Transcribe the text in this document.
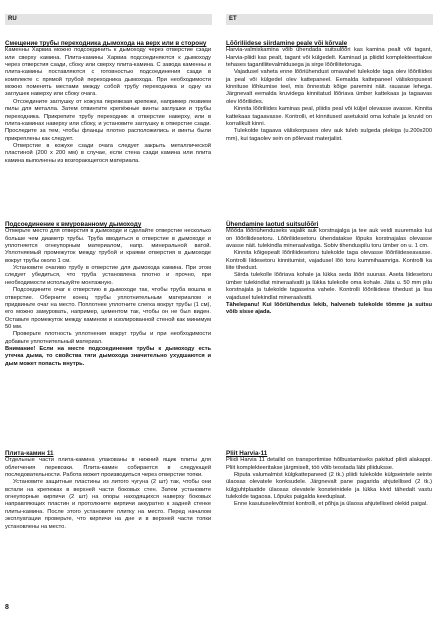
RU	ET

Смещение трубы переходника дымохода на верх или в сторону

Каменны Харвиа можно подсоединить к дымоходу через отверстие сзади или сверху камина. Плита-камины Харвиа подсоединяются к дымоходу через отверстия сзади, сбоку или сверху плита-камина. С завода каменны и плита-камины поставляются с готовностью подсоединения сзади в комплекте с прямой трубой переходника дымохода. При необходимости можно поменять местами между собой трубу переходника и одну из заглушек наверху или сбоку очага.

Отсоедините заглушку от кожуха перевезая крепежи, например лезвием пилы для металла. Затем отвинтите крепёжные винты заглушки и трубы переходника. Прикрепите трубу переходник в отверстие наверху, или в плита-каминах наверху или сбоку, и установите заглушку в отверстие сзади. Проследите за тем, чтобы фланцы плотно расположились и винты были прикреплены как следует.

Отверстие в кожухе сзади очага следует закрыть металлической пластиной (200 x 200 мм) в случае, если стена сзади камина или плита камина выполнены из возгорающегося материала.

Подсоединение к вмурованному дымоходу

Отмерьте место для отверстия в дымоходе и сделайте отверстие несколько больше чем диаметр трубы. Труба вводиться в отверстие в дымоходе и уплотняется огнеупорным материалом, напр. минеральной ватой. Уплотняемый промежуток между трубой и краями отверстия в дымоходе вокруг трубы около 1 см.

Установите очагиво трубу в отверстие для дымохода камина. При этом следует убедиться, что труба установлена плотно и прочно, при необходимости используйте монтажную.

Подсоедините очаг к отверстию в дымоходе так, чтобы труба вошла в отверстие. Оберните конец трубы уплотнительным материалом и придвиньте очаг на место. Поплотнее уплотните слегка вокруг трубы (1 см), его можно замуровать, например, цементом так, чтобы он не был виден. Оставьте промежуток между камином и изолированной стеной как минимум 50 мм.

Проверьте плотность уплотнения вокруг трубы и при необходимости добавьте уплотнительный материал.

Внимание! Если на месте подсоединения трубы к дымоходу есть утечка дыма, то свойства тяги дымохода значительно ухудшаются и дым может попасть внутрь.

Плита-камин 11

Отдельные части плита-камина упакованы в нижний ящик плиты для облегчения перевозки. Плита-камин собирается в следующей последовательности. Работа может производиться через отверстие топки.

Установите защитные пластины из литого чугуна (2 шт) так, чтобы они встали на крепежах в верхней части боковых стен. Затем установите огнеупорные кирпичи (2 шт) на опоры находящихся наверху боковых направляющих пластин и протолкните кирпичи аккуратно к задней стенке плиты-камина. После этого установите плитку на место. Перед началом эксплуатации проверьте, что кирпичи на дне и в верхней части топки установлены на место.

Lõõriliidese siirdamine peale või kõrvale

Harvia-valmiskamina võib ühendada suitsulõõri kas kamina pealt või tagant, Harvia-pliidi kas pealt, tagant või külgedelt. Kaminad ja pliidid komplekteeritakse tehases tagantliitevalmidusega ja sirge lõõriliitetoruga.

Vajadusel vaheta enne lõõriühendust omavahel tulekolde taga olev lõõriliides ja peal või külgedel olev kattepaneel. Eemalda kattepaneel väliskorpusest kinnituse lõhkumise teel, mis õnnestub kõige paremini näit. rauasae lehega. Järgnevalt eemalda kruvidega kinnitatud lõõriava ümber kattekaas ja tagaavas olev lõõriliides.

Kinnita lõõriliides kaminas peal, pliidis peal või küljel olevasse avasse. Kinnita kattekaas tagaavasse. Kontrolli, et kinnitused asetuksid oma kohale ja kruvid on korralikult kinni.

Tulekolde tagaava väliskorpuses olev auk tuleb sulgeda plekiga (u.200x200 mm), kui tagaolev sein on põlevast materjalist.

Ühendamine laotud suitsulõõri

Mõõda lõõriühenduseks vajalik auk korstnajalga ja tee auk veidi suuremaks kui on lõõriliidesetoru. Lõõriliidesetoru ühendatakse lõpuks korstnajalas olevasse avasse näit. tulekindla mineraalvatiga. Sobiv tihenduspilu toru ümber on u. 1 cm.

Kinnita kõigepealt lõõriliidesetoru tulekolde taga olevasse lõõriliideseavasse. Kontrolli liidesetoru kinnitumist, vajadusel lõö toru kummihaamriga. Kontrolli ka liite tihedust.

Siirda tulekolle lõõriava kohale ja lükka seda lõõri suunas. Aseta liidesetoru ümber tulekindlat mineraalvatti ja lükka tulekolle oma kohale. Jäta u. 50 mm pilu korstnajala ja tulekolde tagaseina vahele. Kontrolli lõõriliidese tihedust ja lisa vajadusel tulekindlat mineraalvatti.

Tähelepanu! Kui lõõriühendus lekib, halveneb tulekolde tõmme ja suitsu võib sisse ajada.

Pliit Harvia-11

Pliidi Harvia 11 detailid on transportimise hõlbustamiseks pakitud pliidi alakappi. Pliit komplekteeritakse järgmiselt, töö võib teostada läbi pliiduksse.

Riputa valumalmist külgkattepaneed (2 tk.) pliidi tulekolde külgseintele seinte ülaosas olevatele konksudele. Järgnevalt pane pagarida ahjutellised (2 tk.) külgjuhtplaatide ülaosas olevatele konsteinidele ja lükka kivid tähedalt vastu tulekolde tagaosa. Lõpuks paigalda keeduplaat.

Enne kasutuselevõtmist kontrolli, et põhja ja ülaosa ahjutellised olekid paigal.

8
